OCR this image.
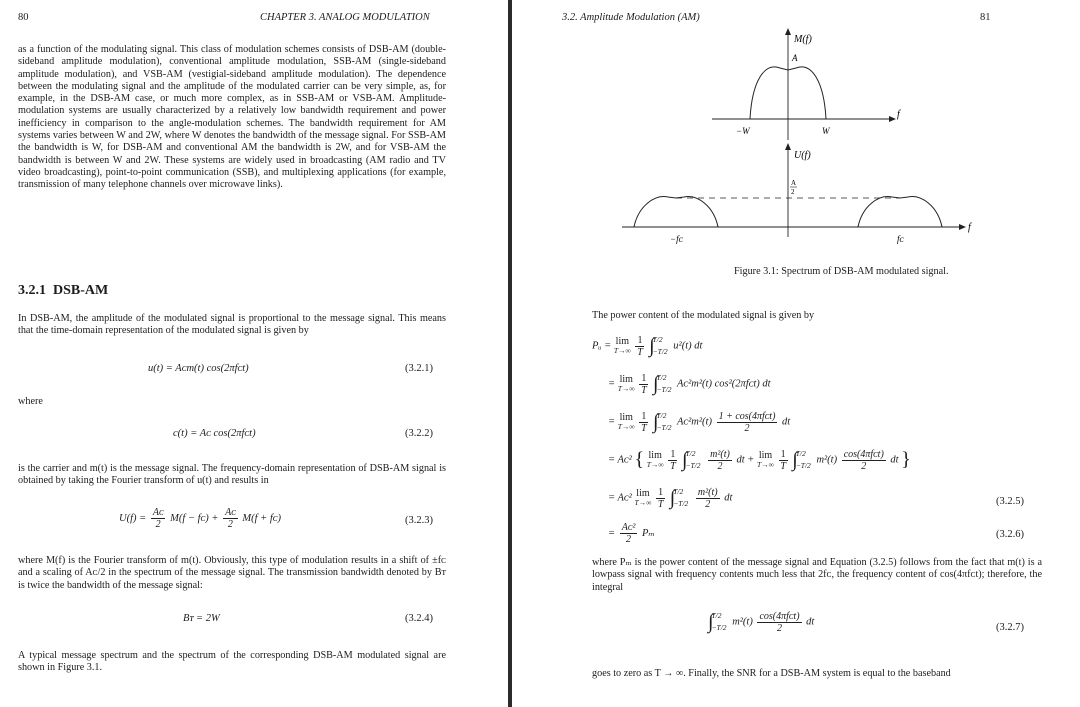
80	CHAPTER 3. ANALOG MODULATION
as a function of the modulating signal. This class of modulation schemes consists of DSB-AM (double-sideband amplitude modulation), conventional amplitude modulation, SSB-AM (single-sideband amplitude modulation), and VSB-AM (vestigial-sideband amplitude modulation). The dependence between the modulating signal and the amplitude of the modulated carrier can be very simple, as, for example, in the DSB-AM case, or much more complex, as in SSB-AM or VSB-AM. Amplitude-modulation systems are usually characterized by a relatively low bandwidth requirement and power inefficiency in comparison to the angle-modulation schemes. The bandwidth requirement for AM systems varies between W and 2W, where W denotes the bandwidth of the message signal. For SSB-AM the bandwidth is W, for DSB-AM and conventional AM the bandwidth is 2W, and for VSB-AM the bandwidth is between W and 2W. These systems are widely used in broadcasting (AM radio and TV video broadcasting), point-to-point communication (SSB), and multiplexing applications (for example, transmission of many telephone channels over microwave links).
3.2.1 DSB-AM
In DSB-AM, the amplitude of the modulated signal is proportional to the message signal. This means that the time-domain representation of the modulated signal is given by
u(t) = Aᴄm(t) cos(2πfᴄt)	(3.2.1)
where
c(t) = Aᴄ cos(2πfᴄt)	(3.2.2)
is the carrier and m(t) is the message signal. The frequency-domain representation of DSB-AM signal is obtained by taking the Fourier transform of u(t) and results in
$U(f) = \frac{\text{Aᴄ}}{2} M(f$ − fᴄ) + $\frac{\text{Aᴄ}}{2} M(f$ + fᴄ)	(3.2.3)
where M(f) is the Fourier transform of m(t). Obviously, this type of modulation results in a shift of ±fᴄ and a scaling of Aᴄ/2 in the spectrum of the message signal. The transmission bandwidth denoted by Bᴛ is twice the bandwidth of the message signal:
Bᴛ = 2W	(3.2.4)
A typical message spectrum and the spectrum of the corresponding DSB-AM modulated signal are shown in Figure 3.1.
3.2. Amplitude Modulation (AM)	81
M(f)
A
−W	W
f
U(f)
A
2
−fᴄ	fᴄ
f
Figure 3.1: Spectrum of DSB-AM modulated signal.
The power content of the modulated signal is given by
Pᵤ = lim
T→∞
$\frac{1}{T}$ ∫
T/2
−T/2
u²(t) dt
= lim
T→∞
$\frac{1}{T}$ ∫
T/2
−T/2
Aᴄ²m²(t) cos²(2πfᴄt) dt
= lim
T→∞
$\frac{1}{T}$ ∫
T/2
−T/2
Aᴄ²m²(t) $\frac{\text{1 + cos(4πfᴄt)}}{2}$ dt
= Aᴄ² { lim
T→∞
$\frac{1}{T}$ ∫
T/2
−T/2
$\frac{\text{m²(t)}}{2}$ dt + lim
T→∞
$\frac{1}{T}$ ∫
T/2
−T/2
$m^2(t) \frac{\text{cos(4πfᴄt)}}{2}$ dt }
= Aᴄ² lim
T→∞
$\frac{1}{T}$ ∫
T/2
−T/2
$\frac{\text{m²(t)}}{2}$ dt	(3.2.5)
= $\frac{\text{Aᴄ²}}{2}$ Pₘ	(3.2.6)
where Pₘ is the power content of the message signal and Equation (3.2.5) follows from the fact that m(t) is a lowpass signal with frequency contents much less that 2fᴄ, the frequency content of cos(4πfᴄt); therefore, the integral
∫
T/2
−T/2
$m^2(t) \frac{\text{cos(4πfᴄt)}}{2}$ dt
(3.2.7)
goes to zero as T → ∞. Finally, the SNR for a DSB-AM system is equal to the baseband
